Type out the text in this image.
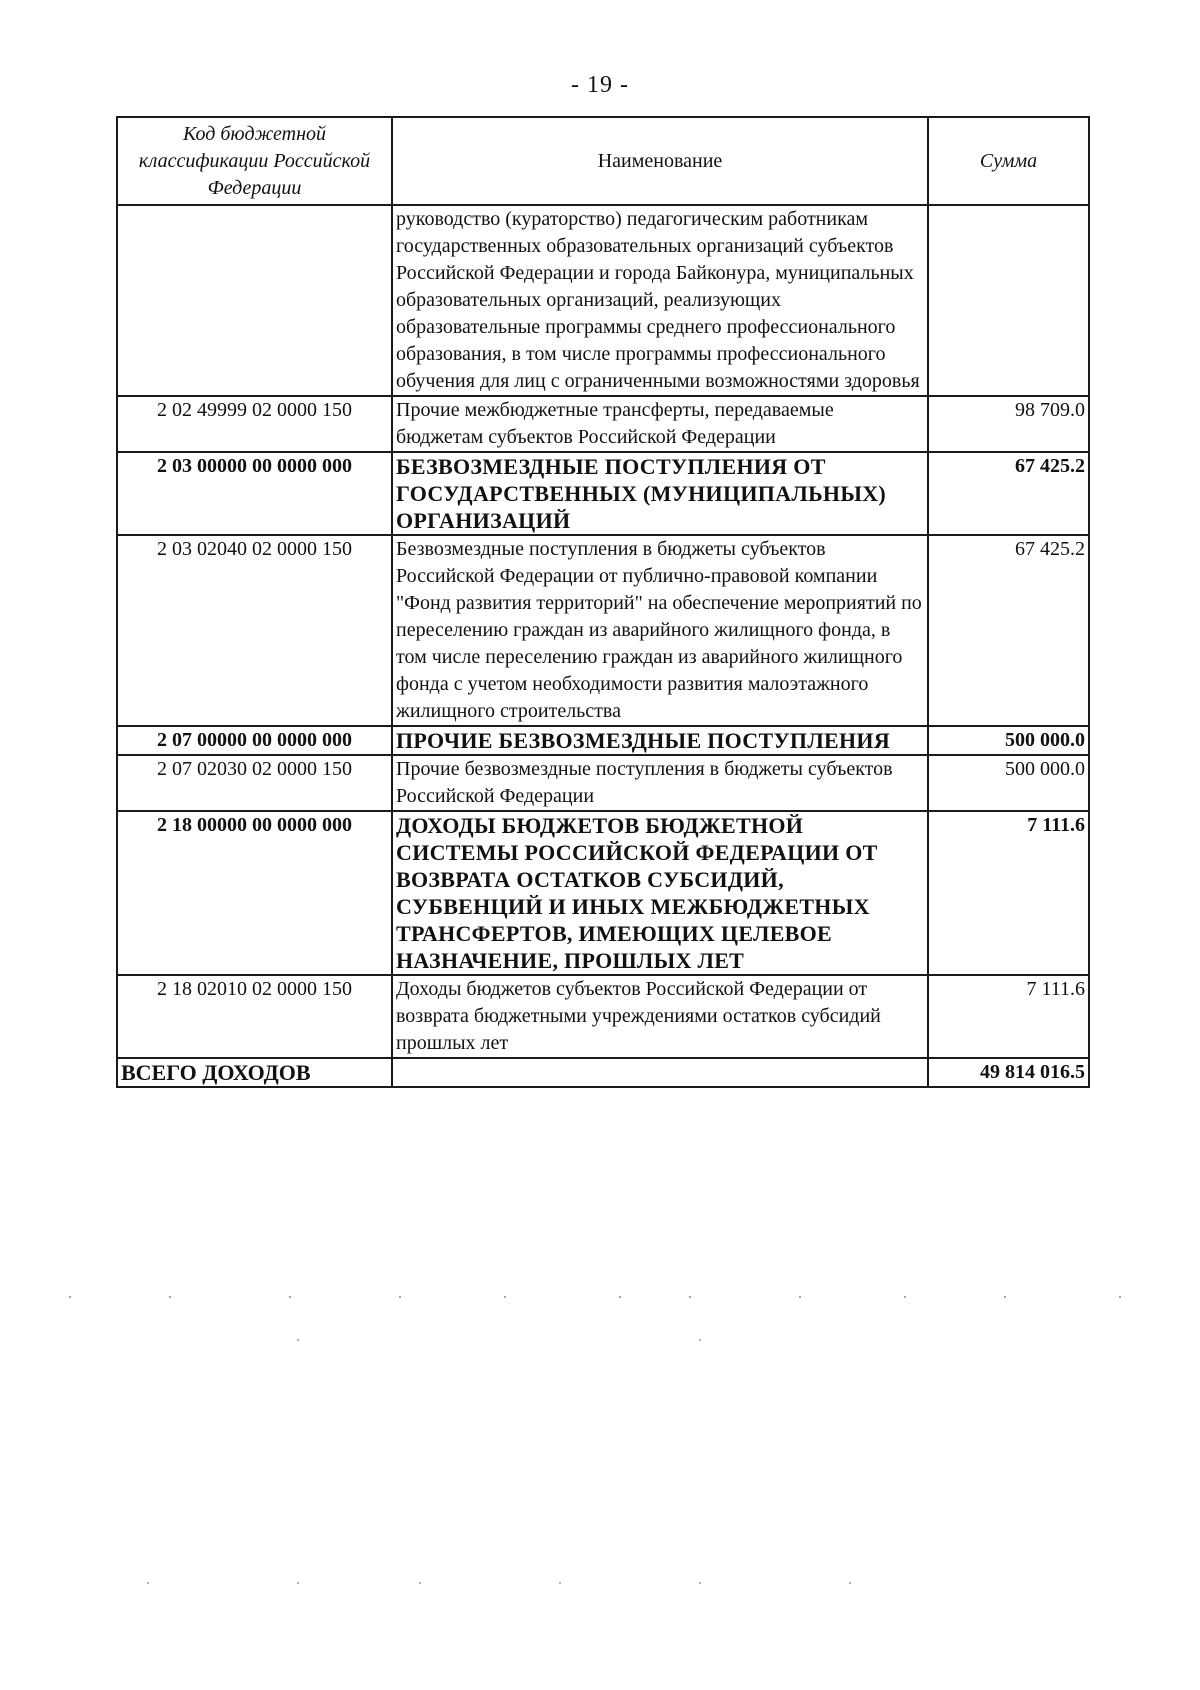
- 19 -
Код бюджетной классификации Российской Федерации	Наименование	Сумма
	руководство (кураторство) педагогическим работникам государственных образовательных организаций субъектов Российской Федерации и города Байконура, муниципальных образовательных организаций, реализующих образовательные программы среднего профессионального образования, в том числе программы профессионального обучения для лиц с ограниченными возможностями здоровья	
2 02 49999 02 0000 150	Прочие межбюджетные трансферты, передаваемые бюджетам субъектов Российской Федерации	98 709.0
2 03 00000 00 0000 000	БЕЗВОЗМЕЗДНЫЕ ПОСТУПЛЕНИЯ ОТ ГОСУДАРСТВЕННЫХ (МУНИЦИПАЛЬНЫХ) ОРГАНИЗАЦИЙ	67 425.2
2 03 02040 02 0000 150	Безвозмездные поступления в бюджеты субъектов Российской Федерации от публично-правовой компании "Фонд развития территорий" на обеспечение мероприятий по переселению граждан из аварийного жилищного фонда, в том числе переселению граждан из аварийного жилищного фонда с учетом необходимости развития малоэтажного жилищного строительства	67 425.2
2 07 00000 00 0000 000	ПРОЧИЕ БЕЗВОЗМЕЗДНЫЕ ПОСТУПЛЕНИЯ	500 000.0
2 07 02030 02 0000 150	Прочие безвозмездные поступления в бюджеты субъектов Российской Федерации	500 000.0
2 18 00000 00 0000 000	ДОХОДЫ БЮДЖЕТОВ БЮДЖЕТНОЙ СИСТЕМЫ РОССИЙСКОЙ ФЕДЕРАЦИИ ОТ ВОЗВРАТА ОСТАТКОВ СУБСИДИЙ, СУБВЕНЦИЙ И ИНЫХ МЕЖБЮДЖЕТНЫХ ТРАНСФЕРТОВ, ИМЕЮЩИХ ЦЕЛЕВОЕ НАЗНАЧЕНИЕ, ПРОШЛЫХ ЛЕТ	7 111.6
2 18 02010 02 0000 150	Доходы бюджетов субъектов Российской Федерации от возврата бюджетными учреждениями остатков субсидий прошлых лет	7 111.6
ВСЕГО ДОХОДОВ		49 814 016.5
